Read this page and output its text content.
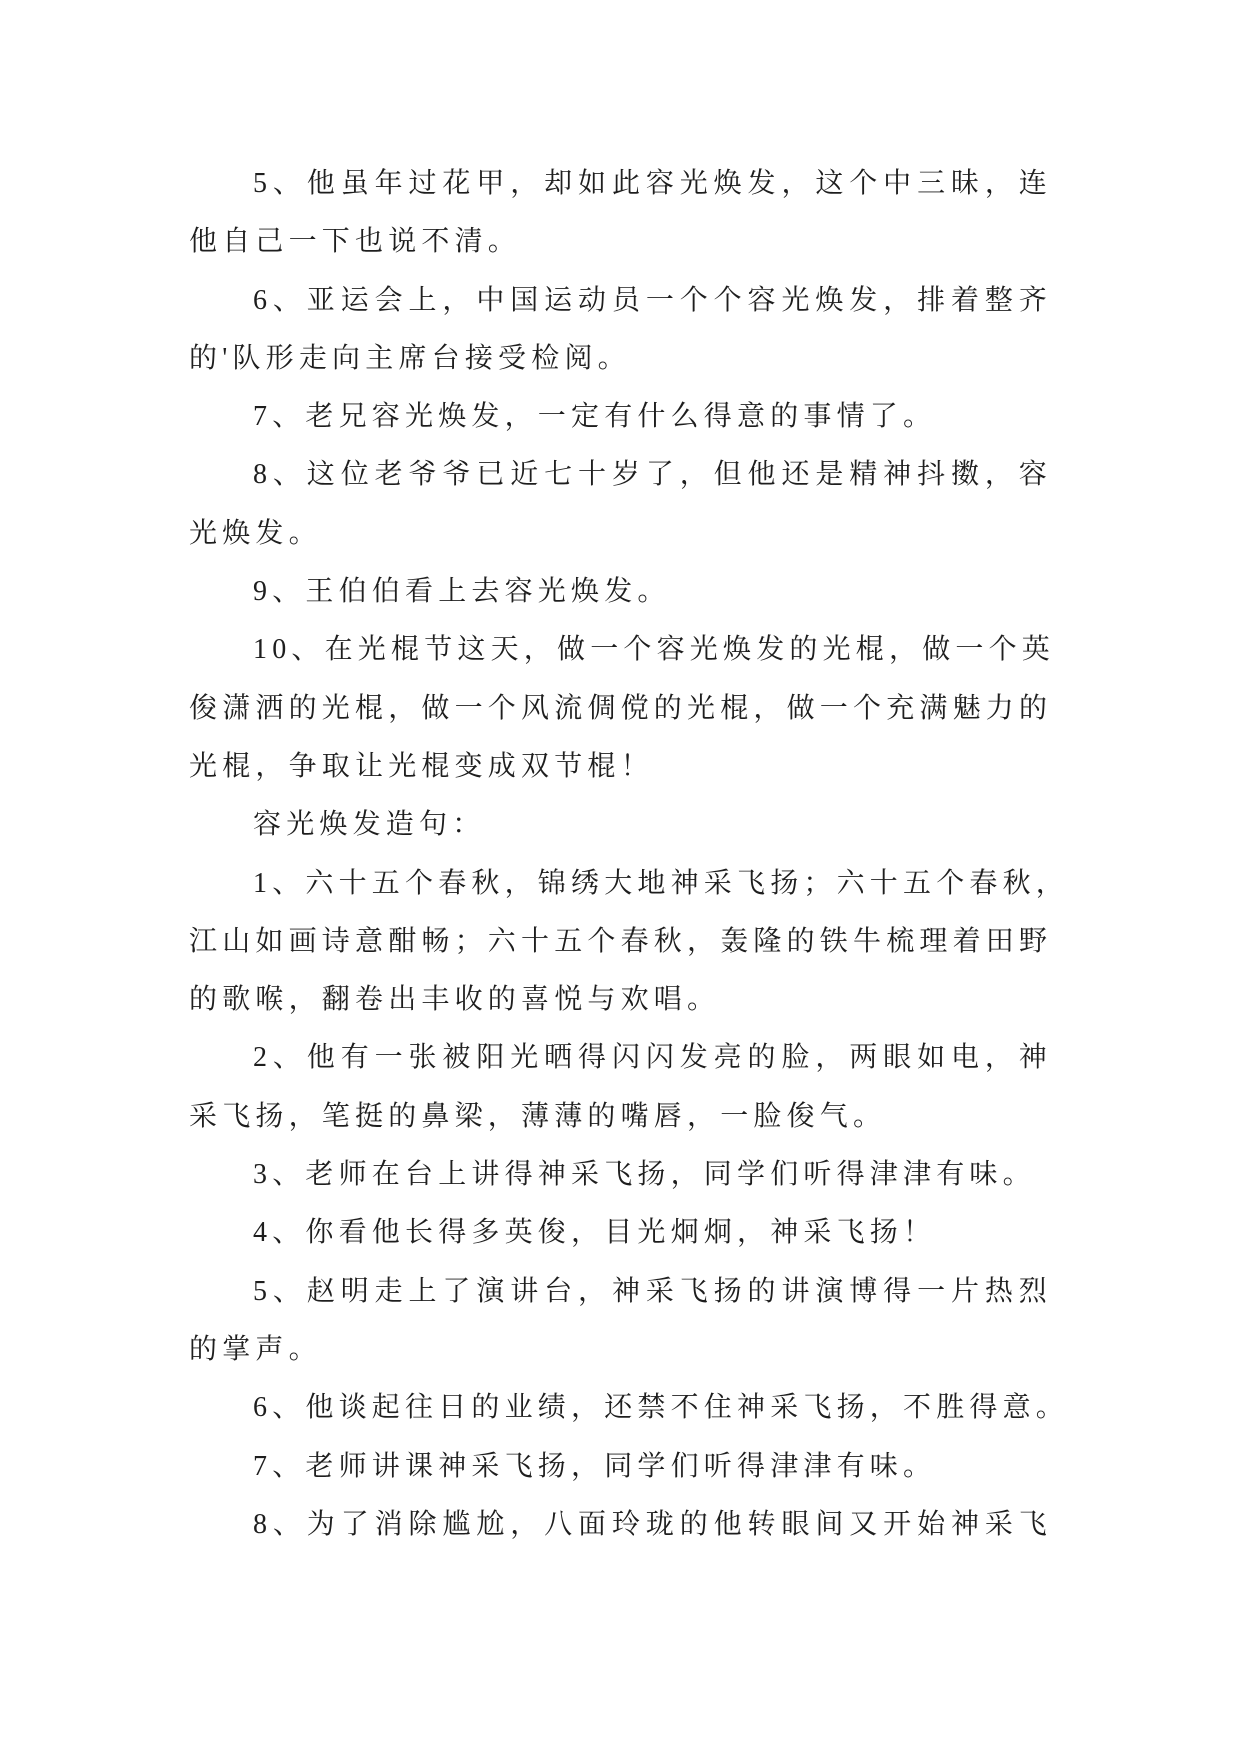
5、他虽年过花甲，却如此容光焕发，这个中三昧，连
他自己一下也说不清。
6、亚运会上，中国运动员一个个容光焕发，排着整齐
的'队形走向主席台接受检阅。
7、老兄容光焕发，一定有什么得意的事情了。
8、这位老爷爷已近七十岁了，但他还是精神抖擞，容
光焕发。
9、王伯伯看上去容光焕发。
10、在光棍节这天，做一个容光焕发的光棍，做一个英
俊潇洒的光棍，做一个风流倜傥的光棍，做一个充满魅力的
光棍，争取让光棍变成双节棍！
容光焕发造句：
1、六十五个春秋，锦绣大地神采飞扬；六十五个春秋，
江山如画诗意酣畅；六十五个春秋，轰隆的铁牛梳理着田野
的歌喉，翻卷出丰收的喜悦与欢唱。
2、他有一张被阳光晒得闪闪发亮的脸，两眼如电，神
采飞扬，笔挺的鼻梁，薄薄的嘴唇，一脸俊气。
3、老师在台上讲得神采飞扬，同学们听得津津有味。
4、你看他长得多英俊，目光炯炯，神采飞扬！
5、赵明走上了演讲台，神采飞扬的讲演博得一片热烈
的掌声。
6、他谈起往日的业绩，还禁不住神采飞扬，不胜得意。
7、老师讲课神采飞扬，同学们听得津津有味。
8、为了消除尴尬，八面玲珑的他转眼间又开始神采飞
